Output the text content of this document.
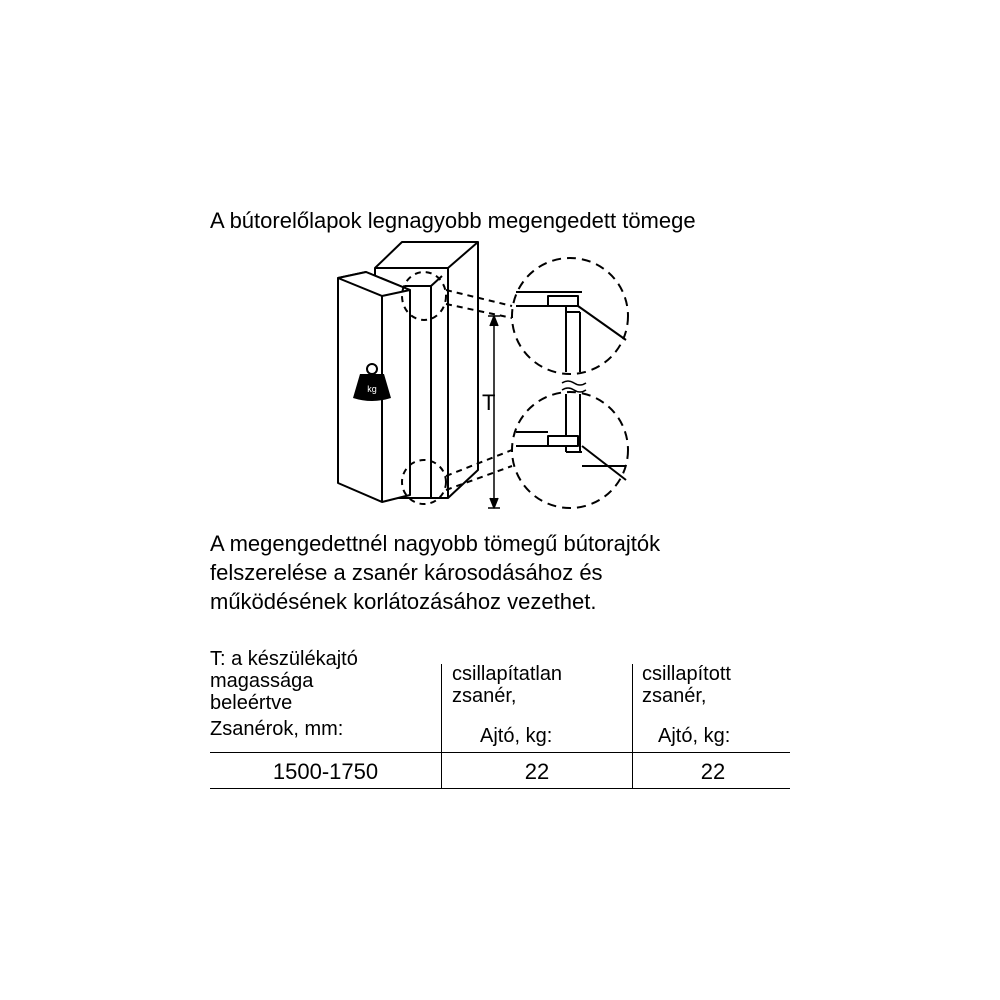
A bútorelőlapok legnagyobb megengedett tömege
kg
T
A megengedettnél nagyobb tömegű bútorajtók
felszerelése a zsanér károsodásához és
működésének korlátozásához vezethet.
T: a készülékajtó
magassága
beleértve
Zsanérok, mm:
csillapítatlan
zsanér,
Ajtó, kg:
csillapított
zsanér,
Ajtó, kg:
1500-1750	22	22
